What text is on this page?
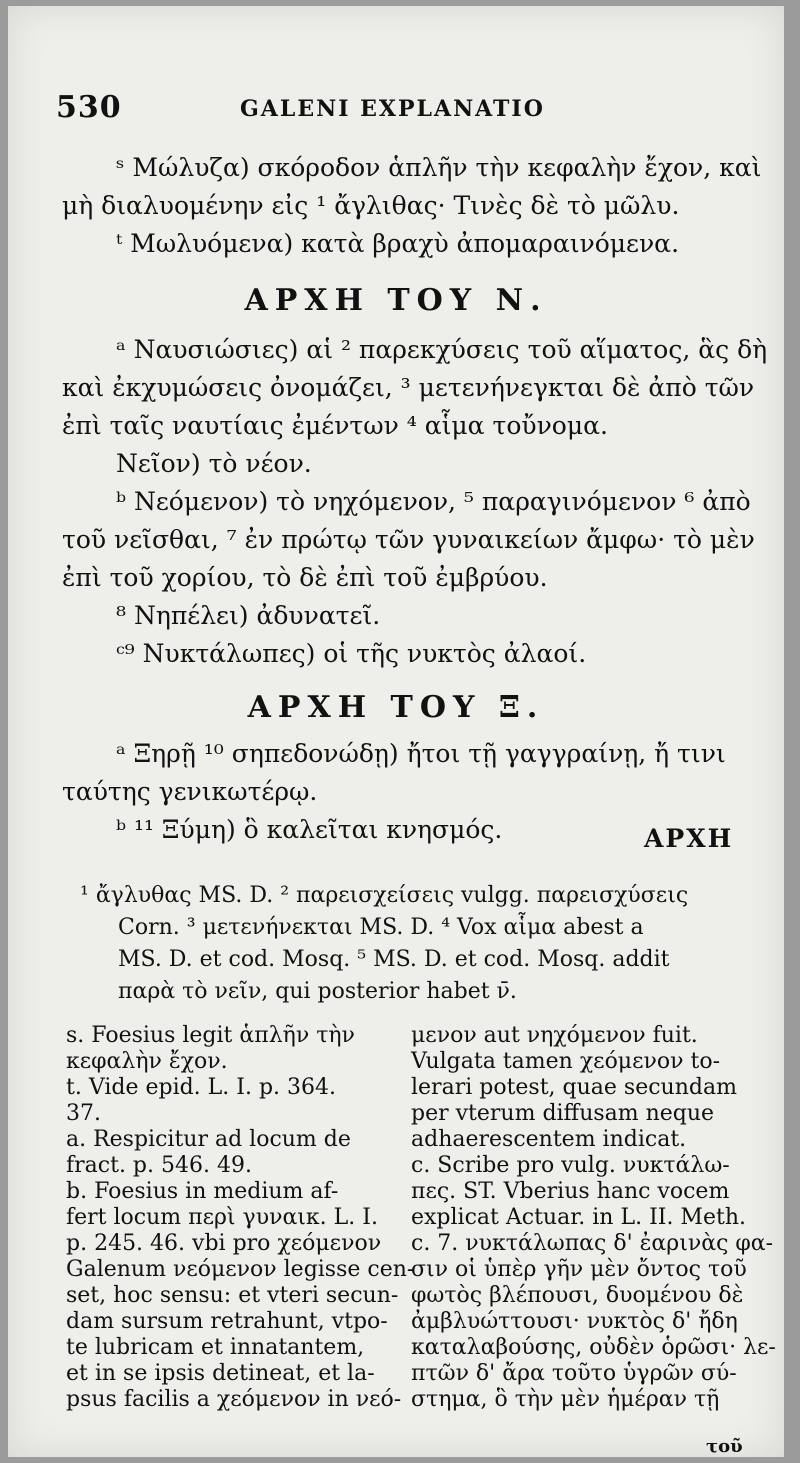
530	GALENI EXPLANATIO
ˢ Μώλυζα) σκόροδον ἁπλῆν τὴν κεφαλὴν ἔχον, καὶ
μὴ διαλυομένην εἰς ¹ ἄγλιθας· Τινὲς δὲ τὸ μῶλυ.
ᵗ Μωλυόμενα) κατὰ βραχὺ ἀπομαραινόμενα.
ΑΡΧΗ ΤΟΥ Ν.
ᵃ Ναυσιώσιες) αἱ ² παρεκχύσεις τοῦ αἵματος, ἃς δὴ
καὶ ἐκχυμώσεις ὀνομάζει, ³ μετενήνεγκται δὲ ἀπὸ τῶν
ἐπὶ ταῖς ναυτίαις ἐμέντων ⁴ αἷμα τοὔνομα.
Νεῖον) τὸ νέον.
ᵇ Νεόμενον) τὸ νηχόμενον, ⁵ παραγινόμενον ⁶ ἀπὸ
τοῦ νεῖσθαι, ⁷ ἐν πρώτῳ τῶν γυναικείων ἄμφω· τὸ μὲν
ἐπὶ τοῦ χορίου, τὸ δὲ ἐπὶ τοῦ ἐμβρύου.
⁸ Νηπέλει) ἀδυνατεῖ.
ᶜ⁹ Νυκτάλωπες) οἱ τῆς νυκτὸς ἀλαοί.
ΑΡΧΗ ΤΟΥ Ξ.
ᵃ Ξηρῇ ¹⁰ σηπεδονώδῃ) ἤτοι τῇ γαγγραίνῃ, ἤ τινι
ταύτης γενικωτέρῳ.
ᵇ ¹¹ Ξύμη) ὃ καλεῖται κνησμός.	ΑΡΧΗ
¹ ἄγλυθας MS. D. ² παρεισχείσεις vulgg. παρεισχύσεις
Corn. ³ μετενήνεκται MS. D. ⁴ Vox αἷμα abest a
MS. D. et cod. Mosq. ⁵ MS. D. et cod. Mosq. addit
παρὰ τὸ νεῖν, qui posterior habet ν̄.
s. Foesius legit ἁπλῆν τὴν
κεφαλὴν ἔχον.
t. Vide epid. L. I. p. 364.
37.
a. Respicitur ad locum de
fract. p. 546. 49.
b. Foesius in medium af-
fert locum περὶ γυναικ. L. I.
p. 245. 46. vbi pro χεόμενον
Galenum νεόμενον legisse cen-
set, hoc sensu: et vteri secun-
dam sursum retrahunt, vtpo-
te lubricam et innatantem,
et in se ipsis detineat, et la-
psus facilis a χεόμενον in νεό-
μενον aut νηχόμενον fuit.
Vulgata tamen χεόμενον to-
lerari potest, quae secundam
per vterum diffusam neque
adhaerescentem indicat.
c. Scribe pro vulg. νυκτάλω-
πες. ST. Vberius hanc vocem
explicat Actuar. in L. II. Meth.
c. 7. νυκτάλωπας δ' ἐαρινὰς φα-
σιν οἱ ὑπὲρ γῆν μὲν ὄντος τοῦ
φωτὸς βλέπουσι, δυομένου δὲ
ἀμβλυώττουσι· νυκτὸς δ' ἤδη
καταλαβούσης, οὐδὲν ὁρῶσι· λε-
πτῶν δ' ἄρα τοῦτο ὑγρῶν σύ-
στημα, ὃ τὴν μὲν ἡμέραν τῇ
τοῦ
